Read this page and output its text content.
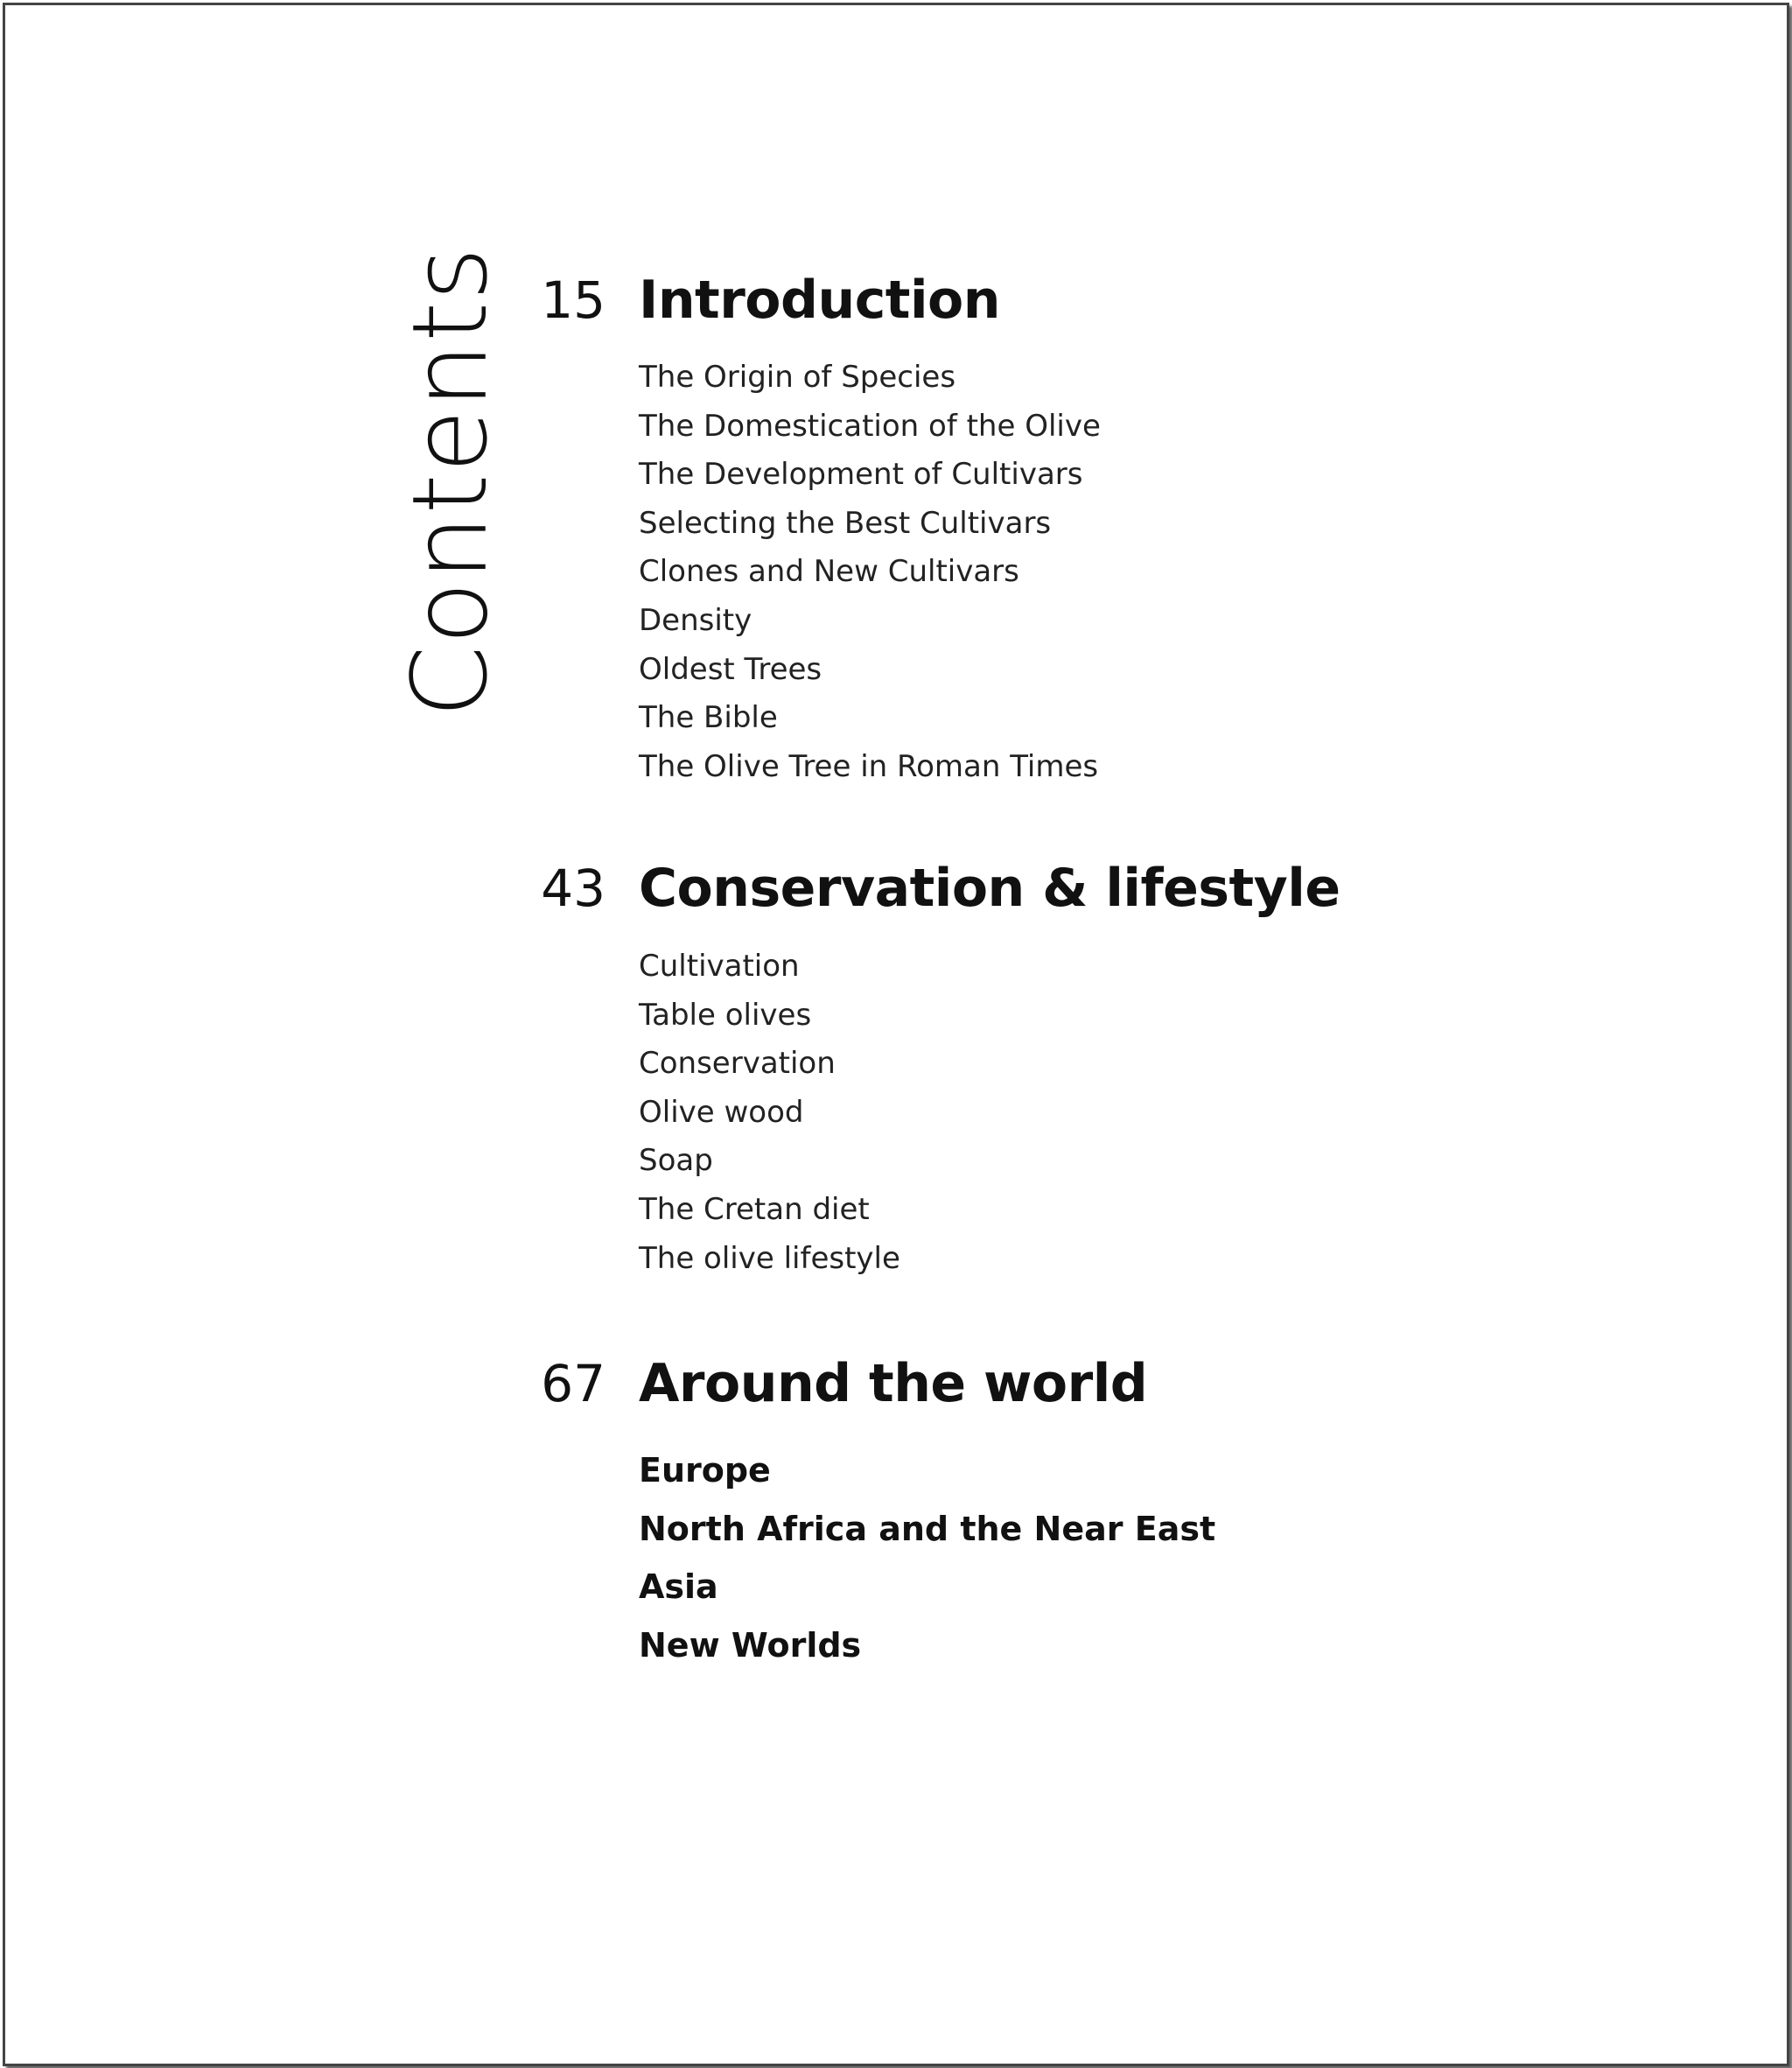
Contents 15 Introduction
The Origin of Species
The Domestication of the Olive
The Development of Cultivars
Selecting the Best Cultivars
Clones and New Cultivars
Density
Oldest Trees
The Bible
The Olive Tree in Roman Times
43 Conservation & lifestyle
Cultivation
Table olives
Conservation
Olive wood
Soap
The Cretan diet
The olive lifestyle
67 Around the world
Europe
North Africa and the Near East
Asia
New Worlds
